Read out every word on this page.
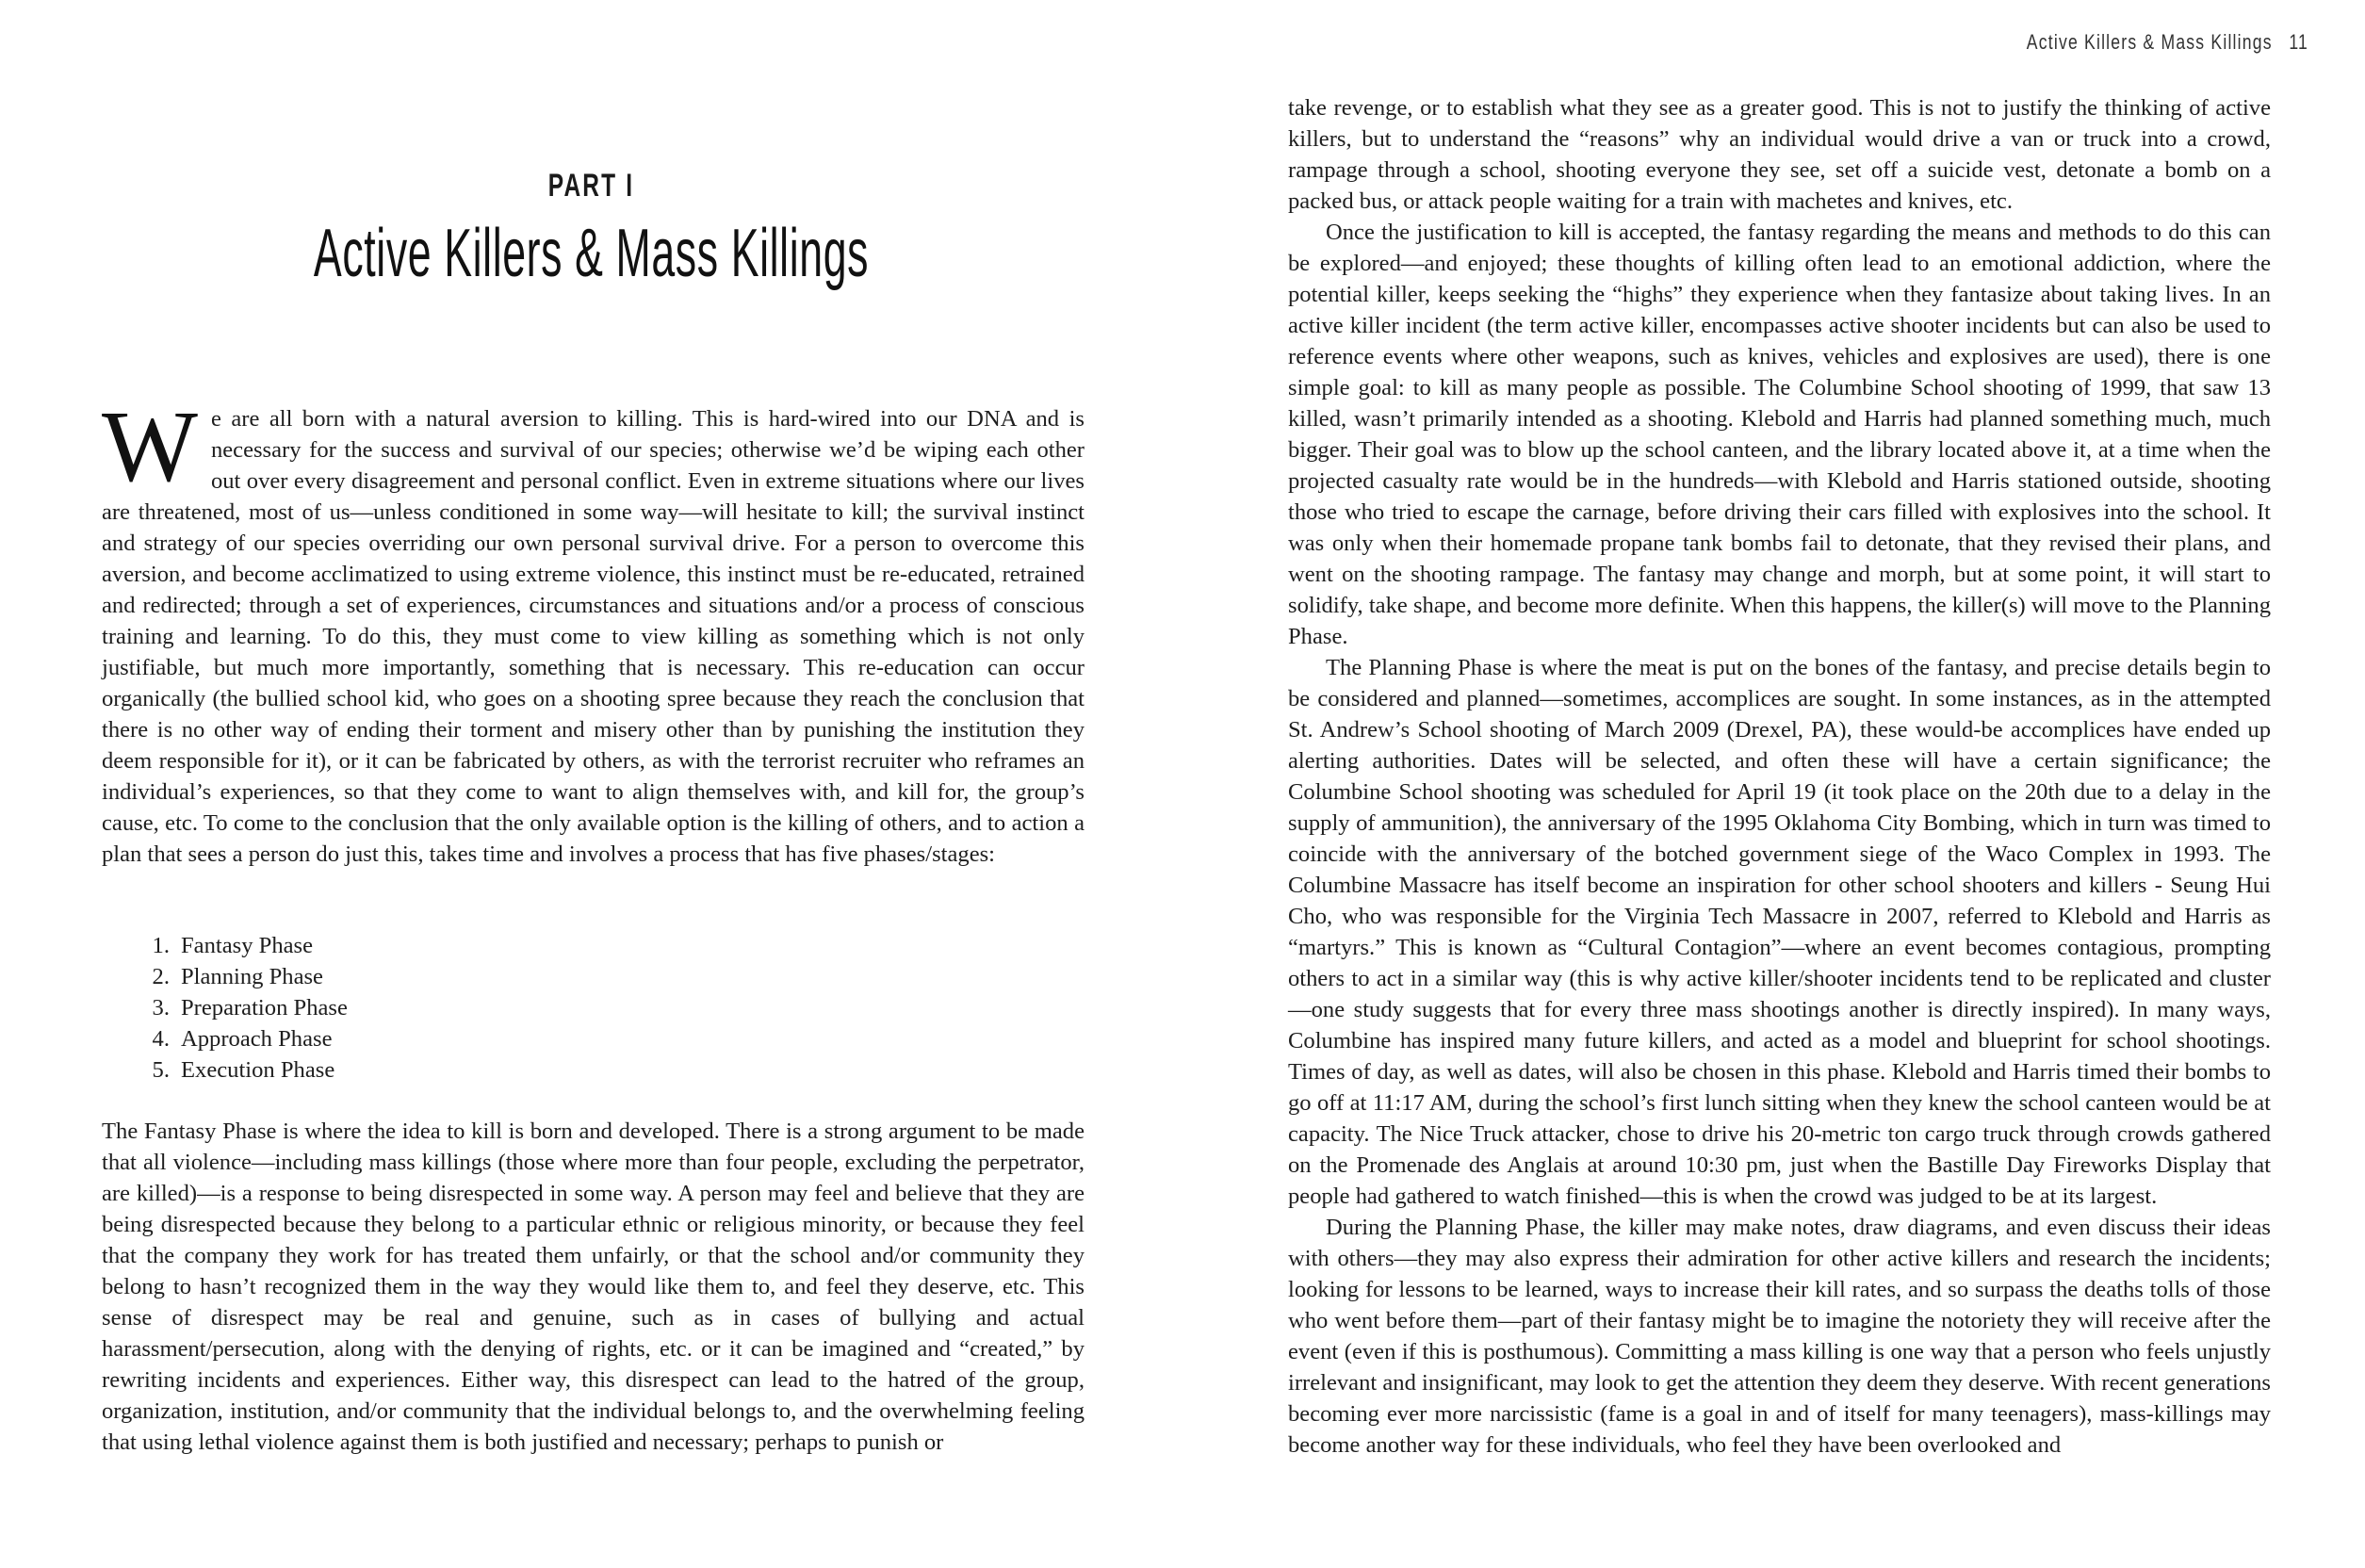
PART I
Active Killers & Mass Killings

We are all born with a natural aversion to killing. This is hard-wired into our DNA and is necessary for the success and survival of our species; otherwise we’d be wiping each other out over every disagreement and personal conflict. Even in extreme situations where our lives are threatened, most of us—unless conditioned in some way—will hesitate to kill; the survival instinct and strategy of our species overriding our own personal survival drive. For a person to overcome this aversion, and become acclimatized to using extreme violence, this instinct must be re-educated, retrained and redirected; through a set of experiences, circumstances and situations and/or a process of conscious training and learning. To do this, they must come to view killing as something which is not only justifiable, but much more importantly, something that is necessary. This re-education can occur organically (the bullied school kid, who goes on a shooting spree because they reach the conclusion that there is no other way of ending their torment and misery other than by punishing the institution they deem responsible for it), or it can be fabricated by others, as with the terrorist recruiter who reframes an individual’s experiences, so that they come to want to align themselves with, and kill for, the group’s cause, etc. To come to the conclusion that the only available option is the killing of others, and to action a plan that sees a person do just this, takes time and involves a process that has five phases/stages:

1. Fantasy Phase
2. Planning Phase
3. Preparation Phase
4. Approach Phase
5. Execution Phase

The Fantasy Phase is where the idea to kill is born and developed. There is a strong argument to be made that all violence—including mass killings (those where more than four people, excluding the perpetrator, are killed)—is a response to being disrespected in some way. A person may feel and believe that they are being disrespected because they belong to a particular ethnic or religious minority, or because they feel that the company they work for has treated them unfairly, or that the school and/or community they belong to hasn’t recognized them in the way they would like them to, and feel they deserve, etc. This sense of disrespect may be real and genuine, such as in cases of bullying and actual harassment/persecution, along with the denying of rights, etc. or it can be imagined and “created,” by rewriting incidents and experiences. Either way, this disrespect can lead to the hatred of the group, organization, institution, and/or community that the individual belongs to, and the overwhelming feeling that using lethal violence against them is both justified and necessary; perhaps to punish or

Active Killers & Mass Killings 11

take revenge, or to establish what they see as a greater good. This is not to justify the thinking of active killers, but to understand the “reasons” why an individual would drive a van or truck into a crowd, rampage through a school, shooting everyone they see, set off a suicide vest, detonate a bomb on a packed bus, or attack people waiting for a train with machetes and knives, etc.

Once the justification to kill is accepted, the fantasy regarding the means and methods to do this can be explored—and enjoyed; these thoughts of killing often lead to an emotional addiction, where the potential killer, keeps seeking the “highs” they experience when they fantasize about taking lives. In an active killer incident (the term active killer, encompasses active shooter incidents but can also be used to reference events where other weapons, such as knives, vehicles and explosives are used), there is one simple goal: to kill as many people as possible. The Columbine School shooting of 1999, that saw 13 killed, wasn’t primarily intended as a shooting. Klebold and Harris had planned something much, much bigger. Their goal was to blow up the school canteen, and the library located above it, at a time when the projected casualty rate would be in the hundreds—with Klebold and Harris stationed outside, shooting those who tried to escape the carnage, before driving their cars filled with explosives into the school. It was only when their homemade propane tank bombs fail to detonate, that they revised their plans, and went on the shooting rampage. The fantasy may change and morph, but at some point, it will start to solidify, take shape, and become more definite. When this happens, the killer(s) will move to the Planning Phase.

The Planning Phase is where the meat is put on the bones of the fantasy, and precise details begin to be considered and planned—sometimes, accomplices are sought. In some instances, as in the attempted St. Andrew’s School shooting of March 2009 (Drexel, PA), these would-be accomplices have ended up alerting authorities. Dates will be selected, and often these will have a certain significance; the Columbine School shooting was scheduled for April 19 (it took place on the 20th due to a delay in the supply of ammunition), the anniversary of the 1995 Oklahoma City Bombing, which in turn was timed to coincide with the anniversary of the botched government siege of the Waco Complex in 1993. The Columbine Massacre has itself become an inspiration for other school shooters and killers - Seung Hui Cho, who was responsible for the Virginia Tech Massacre in 2007, referred to Klebold and Harris as “martyrs.” This is known as “Cultural Contagion”—where an event becomes contagious, prompting others to act in a similar way (this is why active killer/shooter incidents tend to be replicated and cluster—one study suggests that for every three mass shootings another is directly inspired). In many ways, Columbine has inspired many future killers, and acted as a model and blueprint for school shootings. Times of day, as well as dates, will also be chosen in this phase. Klebold and Harris timed their bombs to go off at 11:17 AM, during the school’s first lunch sitting when they knew the school canteen would be at capacity. The Nice Truck attacker, chose to drive his 20-metric ton cargo truck through crowds gathered on the Promenade des Anglais at around 10:30 pm, just when the Bastille Day Fireworks Display that people had gathered to watch finished—this is when the crowd was judged to be at its largest.

During the Planning Phase, the killer may make notes, draw diagrams, and even discuss their ideas with others—they may also express their admiration for other active killers and research the incidents; looking for lessons to be learned, ways to increase their kill rates, and so surpass the deaths tolls of those who went before them—part of their fantasy might be to imagine the notoriety they will receive after the event (even if this is posthumous). Committing a mass killing is one way that a person who feels unjustly irrelevant and insignificant, may look to get the attention they deem they deserve. With recent generations becoming ever more narcissistic (fame is a goal in and of itself for many teenagers), mass-killings may become another way for these individuals, who feel they have been overlooked and
